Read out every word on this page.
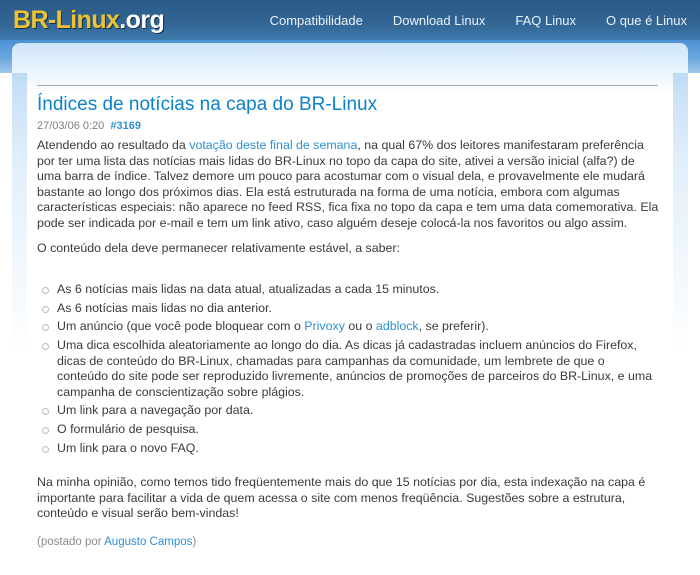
BR-Linux.org	Compatibilidade Download Linux FAQ Linux O que é Linux
Índices de notícias na capa do BR-Linux
27/03/06 0:20 #3169

Atendendo ao resultado da votação deste final de semana, na qual 67% dos leitores manifestaram preferência por ter uma lista das notícias mais lidas do BR-Linux no topo da capa do site, ativei a versão inicial (alfa?) de uma barra de índice. Talvez demore um pouco para acostumar com o visual dela, e provavelmente ele mudará bastante ao longo dos próximos dias. Ela está estruturada na forma de uma notícia, embora com algumas características especiais: não aparece no feed RSS, fica fixa no topo da capa e tem uma data comemorativa. Ela pode ser indicada por e-mail e tem um link ativo, caso alguém deseje colocá-la nos favoritos ou algo assim.

O conteúdo dela deve permanecer relativamente estável, a saber:

As 6 notícias mais lidas na data atual, atualizadas a cada 15 minutos.
As 6 notícias mais lidas no dia anterior.
Um anúncio (que você pode bloquear com o Privoxy ou o adblock, se preferir).
Uma dica escolhida aleatoriamente ao longo do dia. As dicas já cadastradas incluem anúncios do Firefox, dicas de conteúdo do BR-Linux, chamadas para campanhas da comunidade, um lembrete de que o conteúdo do site pode ser reproduzido livremente, anúncios de promoções de parceiros do BR-Linux, e uma campanha de conscientização sobre plágios.
Um link para a navegação por data.
O formulário de pesquisa.
Um link para o novo FAQ.

Na minha opinião, como temos tido freqüentemente mais do que 15 notícias por dia, esta indexação na capa é importante para facilitar a vida de quem acessa o site com menos freqüência. Sugestões sobre a estrutura, conteúdo e visual serão bem-vindas!

(postado por Augusto Campos)
